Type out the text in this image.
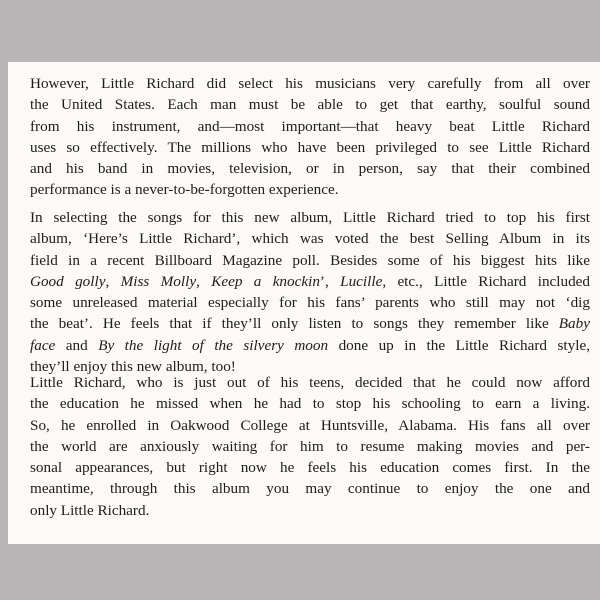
However, Little Richard did select his musicians very carefully from all over
the United States. Each man must be able to get that earthy, soulful sound
from his instrument, and—most important—that heavy beat Little Richard
uses so effectively. The millions who have been privileged to see Little Richard
and his band in movies, television, or in person, say that their combined
performance is a never-to-be-forgotten experience.

In selecting the songs for this new album, Little Richard tried to top his first
album, ‘Here’s Little Richard’, which was voted the best Selling Album in its
field in a recent Billboard Magazine poll. Besides some of his biggest hits like
Good golly, Miss Molly, Keep a knockin’, Lucille, etc., Little Richard included
some unreleased material especially for his fans’ parents who still may not ‘dig
the beat’. He feels that if they’ll only listen to songs they remember like Baby
face and By the light of the silvery moon done up in the Little Richard style,
they’ll enjoy this new album, too!

Little Richard, who is just out of his teens, decided that he could now afford
the education he missed when he had to stop his schooling to earn a living.
So, he enrolled in Oakwood College at Huntsville, Alabama. His fans all over
the world are anxiously waiting for him to resume making movies and per-
sonal appearances, but right now he feels his education comes first. In the
meantime, through this album you may continue to enjoy the one and
only Little Richard.
